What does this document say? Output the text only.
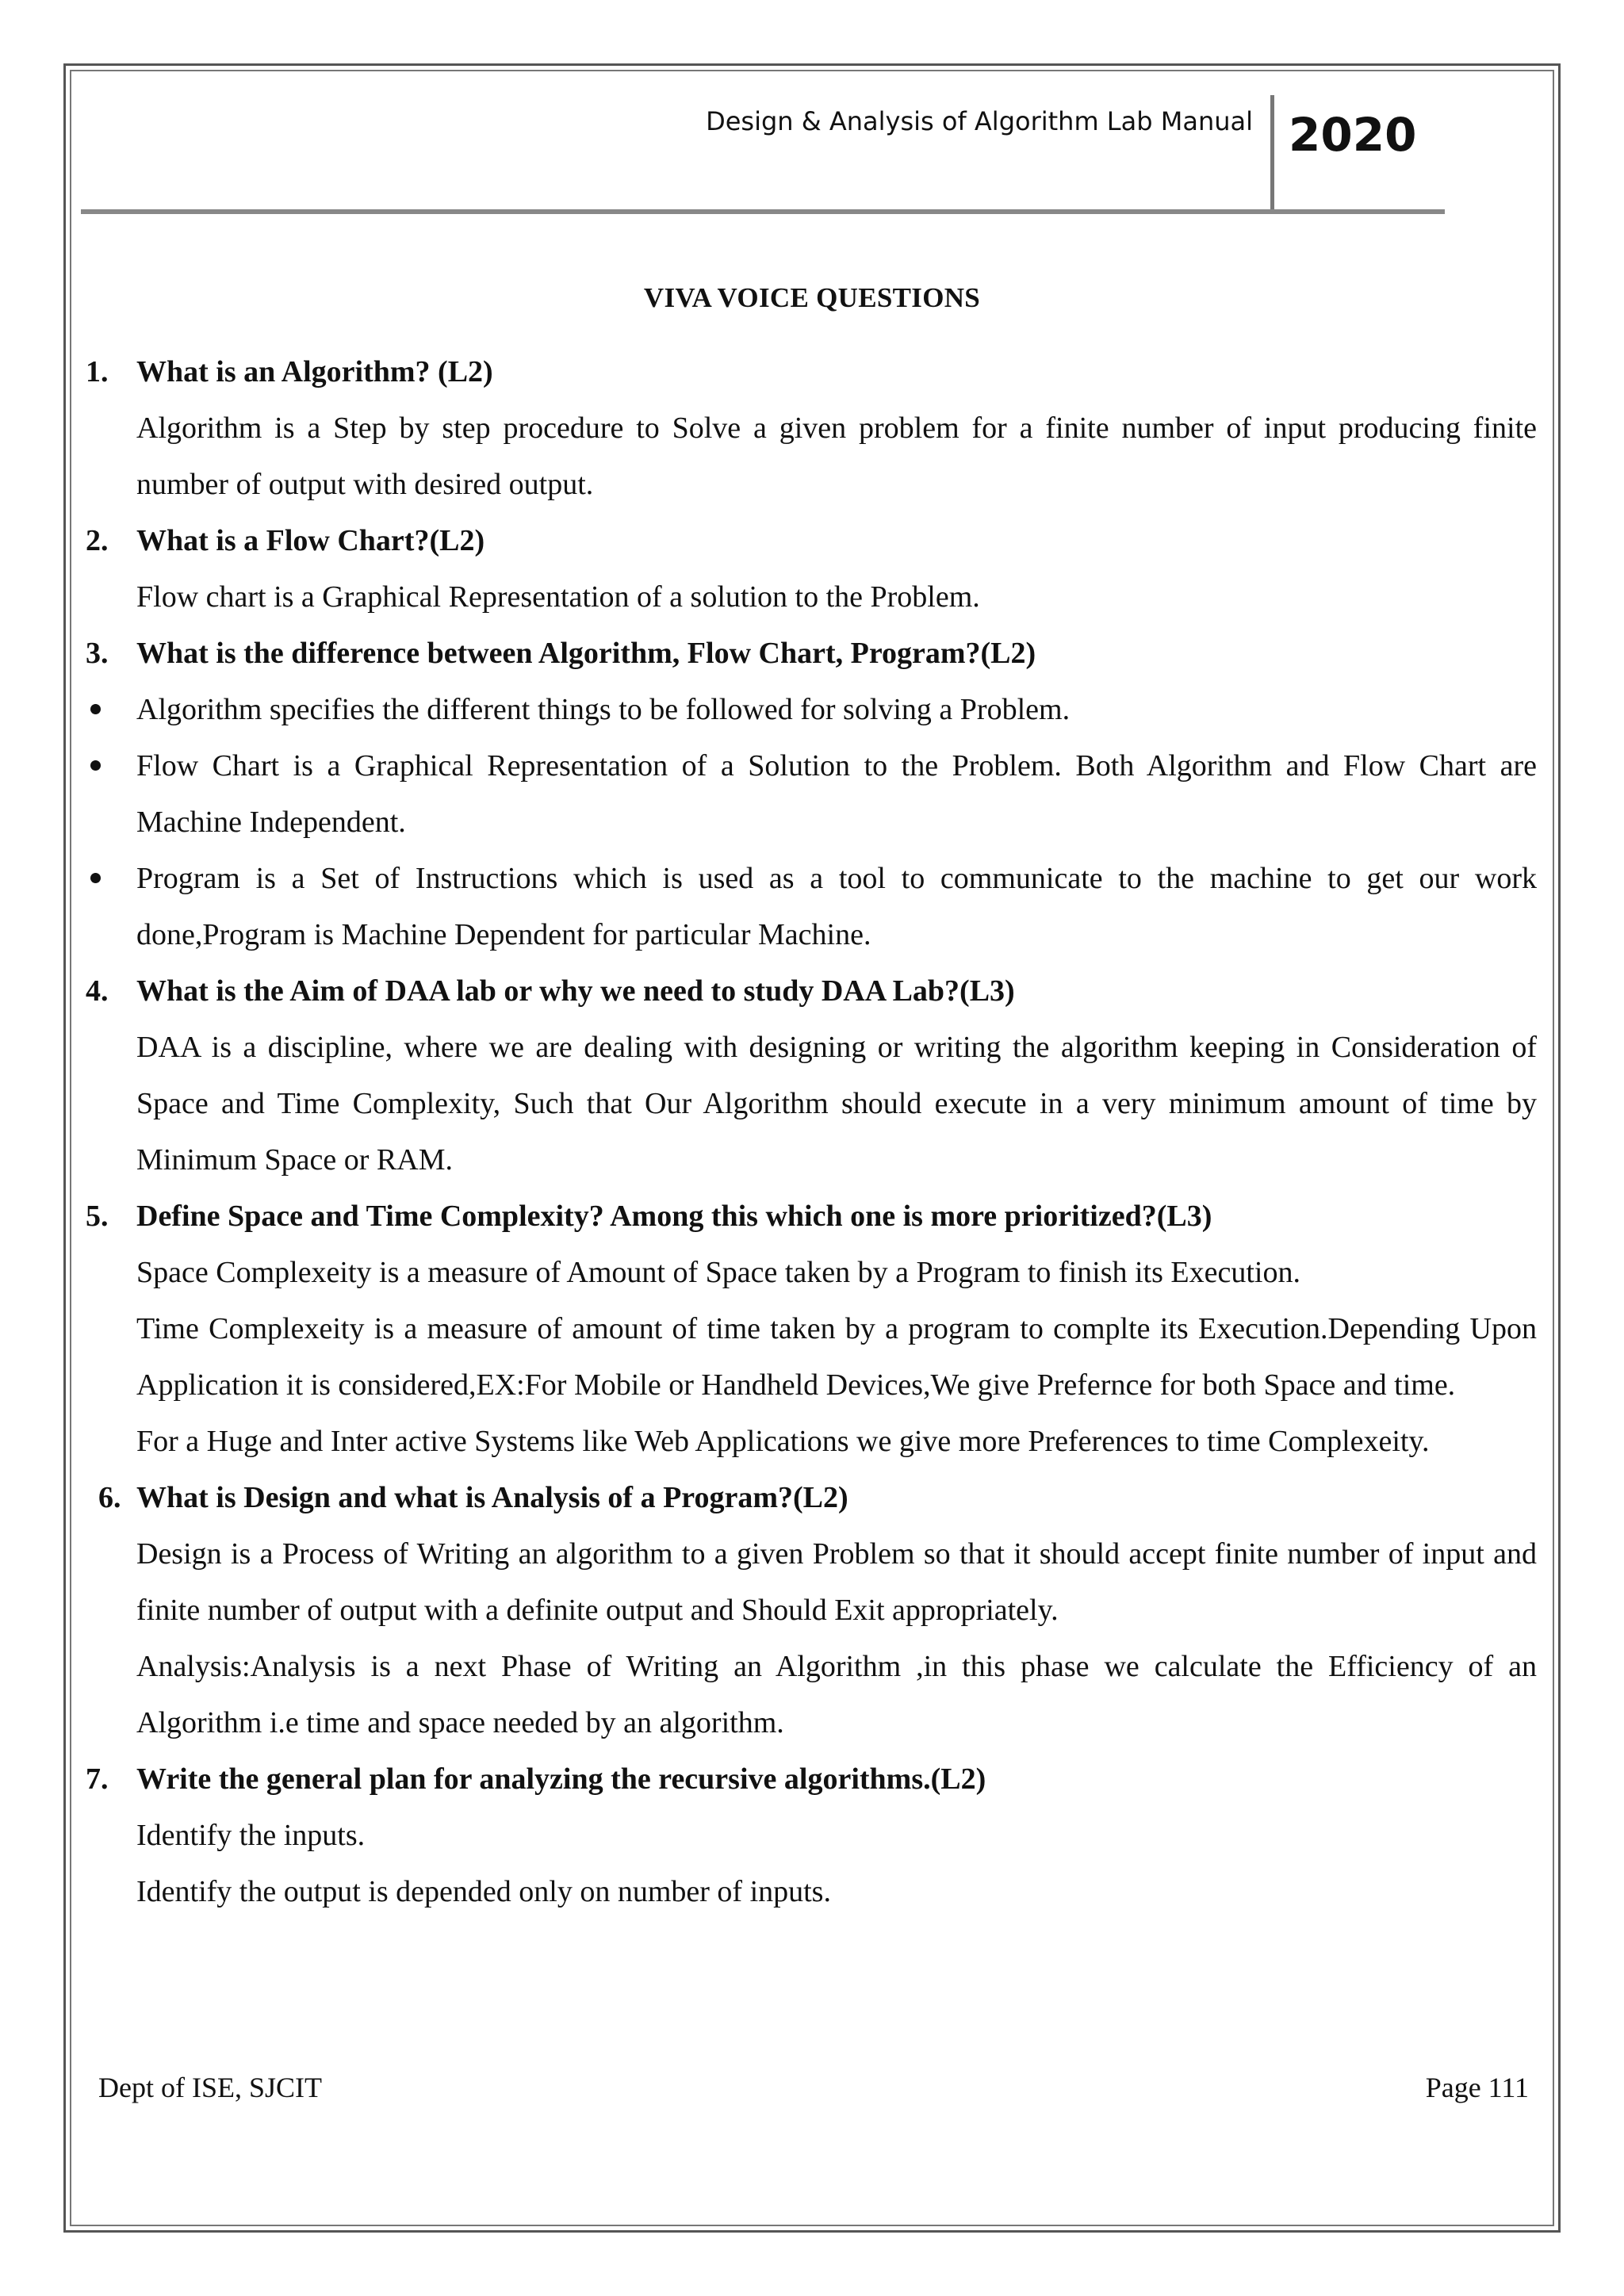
Design & Analysis of Algorithm Lab Manual 2020
VIVA VOICE QUESTIONS
1. What is an Algorithm? (L2)
Algorithm is a Step by step procedure to Solve a given problem for a finite number of input producing finite number of output with desired output.
2. What is a Flow Chart?(L2)
Flow chart is a Graphical Representation of a solution to the Problem.
3. What is the difference between Algorithm, Flow Chart, Program?(L2)
Algorithm specifies the different things to be followed for solving a Problem.
Flow Chart is a Graphical Representation of a Solution to the Problem. Both Algorithm and Flow Chart are Machine Independent.
Program is a Set of Instructions which is used as a tool to communicate to the machine to get our work done,Program is Machine Dependent for particular Machine.
4. What is the Aim of DAA lab or why we need to study DAA Lab?(L3)
DAA is a discipline, where we are dealing with designing or writing the algorithm keeping in Consideration of Space and Time Complexity, Such that Our Algorithm should execute in a very minimum amount of time by Minimum Space or RAM.
5. Define Space and Time Complexity? Among this which one is more prioritized?(L3)
Space Complexeity is a measure of Amount of Space taken by a Program to finish its Execution.
Time Complexeity is a measure of amount of time taken by a program to complte its Execution.Depending Upon Application it is considered,EX:For Mobile or Handheld Devices,We give Prefernce for both Space and time.
For a Huge and Inter active Systems like Web Applications we give more Preferences to time Complexeity.
6. What is Design and what is Analysis of a Program?(L2)
Design is a Process of Writing an algorithm to a given Problem so that it should accept finite number of input and finite number of output with a definite output and Should Exit appropriately.
Analysis:Analysis is a next Phase of Writing an Algorithm ,in this phase we calculate the Efficiency of an Algorithm i.e time and space needed by an algorithm.
7. Write the general plan for analyzing the recursive algorithms.(L2)
Identify the inputs.
Identify the output is depended only on number of inputs.
Dept of ISE, SJCIT	Page 111
